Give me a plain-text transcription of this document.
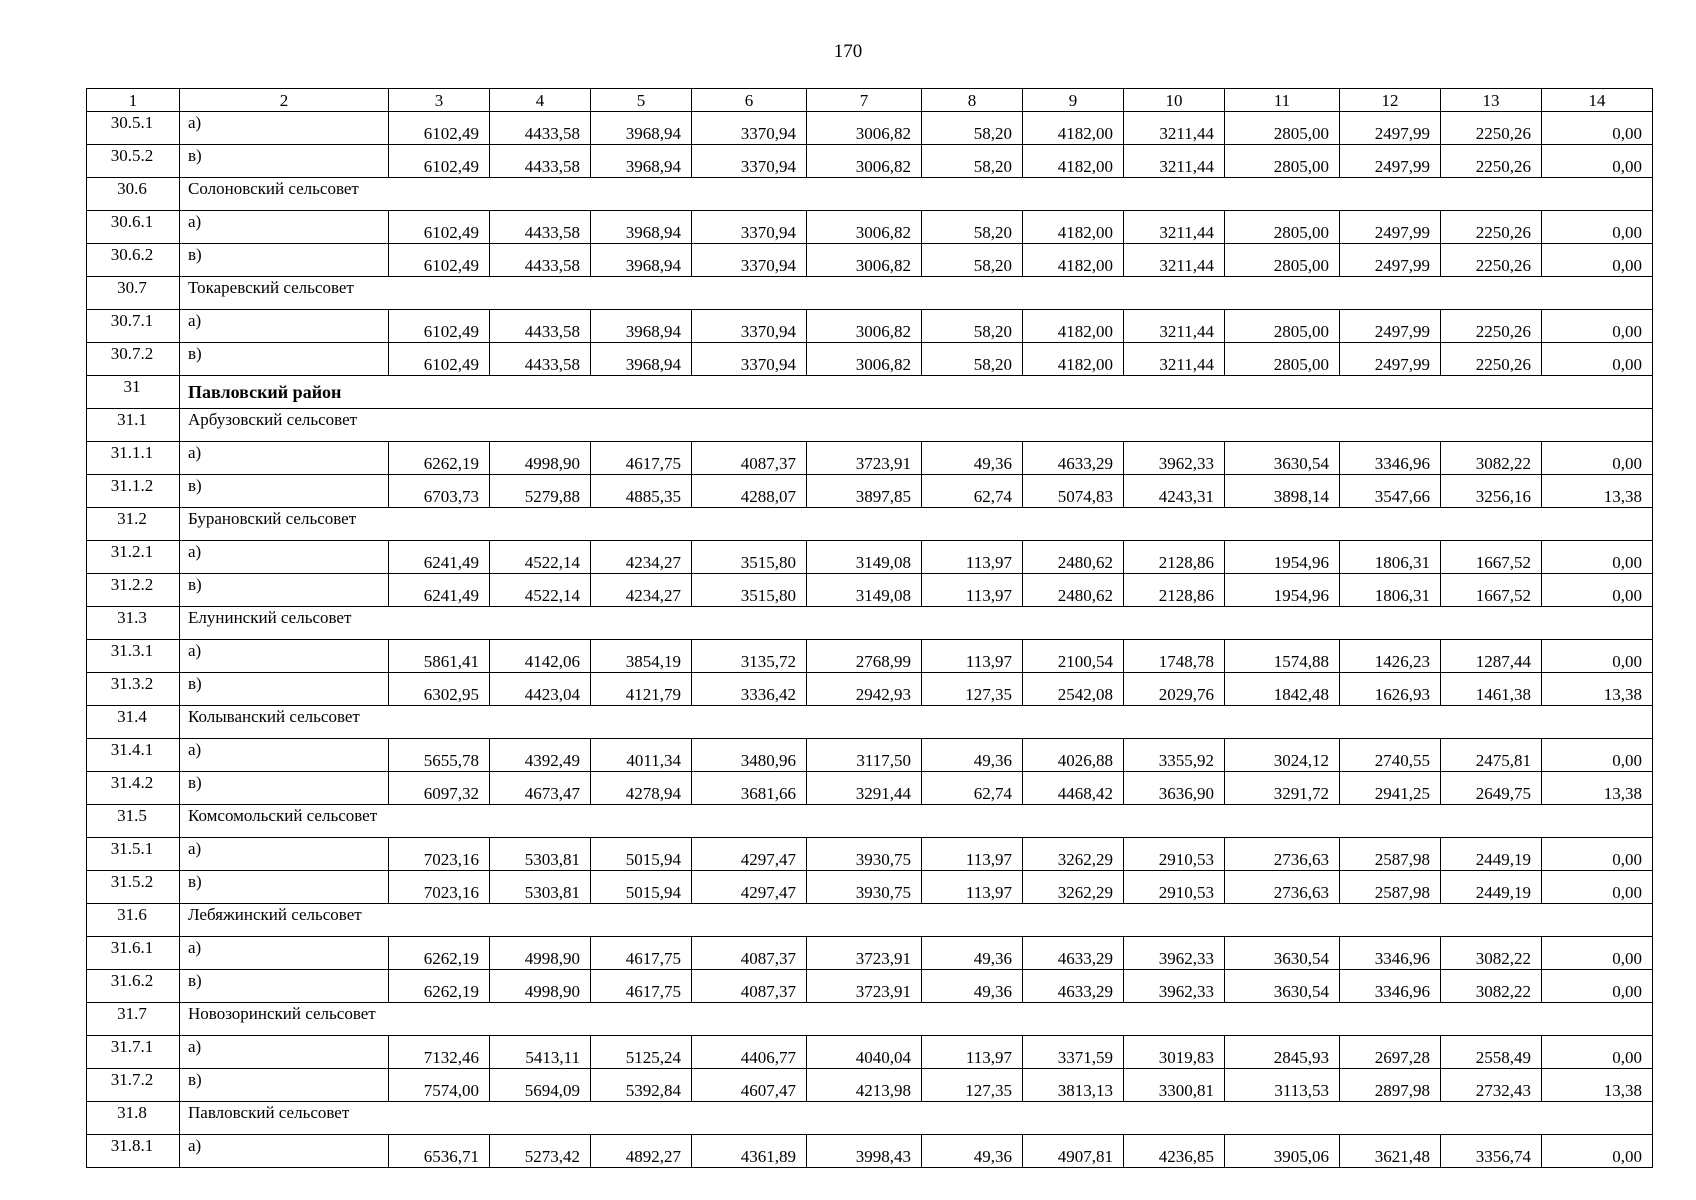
170
1	2	3	4	5	6	7	8	9	10	11	12	13	14
30.5.1	а)	6102,49	4433,58	3968,94	3370,94	3006,82	58,20	4182,00	3211,44	2805,00	2497,99	2250,26	0,00
30.5.2	в)	6102,49	4433,58	3968,94	3370,94	3006,82	58,20	4182,00	3211,44	2805,00	2497,99	2250,26	0,00
30.6	Солоновский сельсовет												
30.6.1	а)	6102,49	4433,58	3968,94	3370,94	3006,82	58,20	4182,00	3211,44	2805,00	2497,99	2250,26	0,00
30.6.2	в)	6102,49	4433,58	3968,94	3370,94	3006,82	58,20	4182,00	3211,44	2805,00	2497,99	2250,26	0,00
30.7	Токаревский сельсовет												
30.7.1	а)	6102,49	4433,58	3968,94	3370,94	3006,82	58,20	4182,00	3211,44	2805,00	2497,99	2250,26	0,00
30.7.2	в)	6102,49	4433,58	3968,94	3370,94	3006,82	58,20	4182,00	3211,44	2805,00	2497,99	2250,26	0,00
31	Павловский район												
31.1	Арбузовский сельсовет												
31.1.1	а)	6262,19	4998,90	4617,75	4087,37	3723,91	49,36	4633,29	3962,33	3630,54	3346,96	3082,22	0,00
31.1.2	в)	6703,73	5279,88	4885,35	4288,07	3897,85	62,74	5074,83	4243,31	3898,14	3547,66	3256,16	13,38
31.2	Бурановский сельсовет												
31.2.1	а)	6241,49	4522,14	4234,27	3515,80	3149,08	113,97	2480,62	2128,86	1954,96	1806,31	1667,52	0,00
31.2.2	в)	6241,49	4522,14	4234,27	3515,80	3149,08	113,97	2480,62	2128,86	1954,96	1806,31	1667,52	0,00
31.3	Елунинский сельсовет												
31.3.1	а)	5861,41	4142,06	3854,19	3135,72	2768,99	113,97	2100,54	1748,78	1574,88	1426,23	1287,44	0,00
31.3.2	в)	6302,95	4423,04	4121,79	3336,42	2942,93	127,35	2542,08	2029,76	1842,48	1626,93	1461,38	13,38
31.4	Колыванский сельсовет												
31.4.1	а)	5655,78	4392,49	4011,34	3480,96	3117,50	49,36	4026,88	3355,92	3024,12	2740,55	2475,81	0,00
31.4.2	в)	6097,32	4673,47	4278,94	3681,66	3291,44	62,74	4468,42	3636,90	3291,72	2941,25	2649,75	13,38
31.5	Комсомольский сельсовет												
31.5.1	а)	7023,16	5303,81	5015,94	4297,47	3930,75	113,97	3262,29	2910,53	2736,63	2587,98	2449,19	0,00
31.5.2	в)	7023,16	5303,81	5015,94	4297,47	3930,75	113,97	3262,29	2910,53	2736,63	2587,98	2449,19	0,00
31.6	Лебяжинский сельсовет												
31.6.1	а)	6262,19	4998,90	4617,75	4087,37	3723,91	49,36	4633,29	3962,33	3630,54	3346,96	3082,22	0,00
31.6.2	в)	6262,19	4998,90	4617,75	4087,37	3723,91	49,36	4633,29	3962,33	3630,54	3346,96	3082,22	0,00
31.7	Новозоринский сельсовет												
31.7.1	а)	7132,46	5413,11	5125,24	4406,77	4040,04	113,97	3371,59	3019,83	2845,93	2697,28	2558,49	0,00
31.7.2	в)	7574,00	5694,09	5392,84	4607,47	4213,98	127,35	3813,13	3300,81	3113,53	2897,98	2732,43	13,38
31.8	Павловский сельсовет												
31.8.1	а)	6536,71	5273,42	4892,27	4361,89	3998,43	49,36	4907,81	4236,85	3905,06	3621,48	3356,74	0,00
